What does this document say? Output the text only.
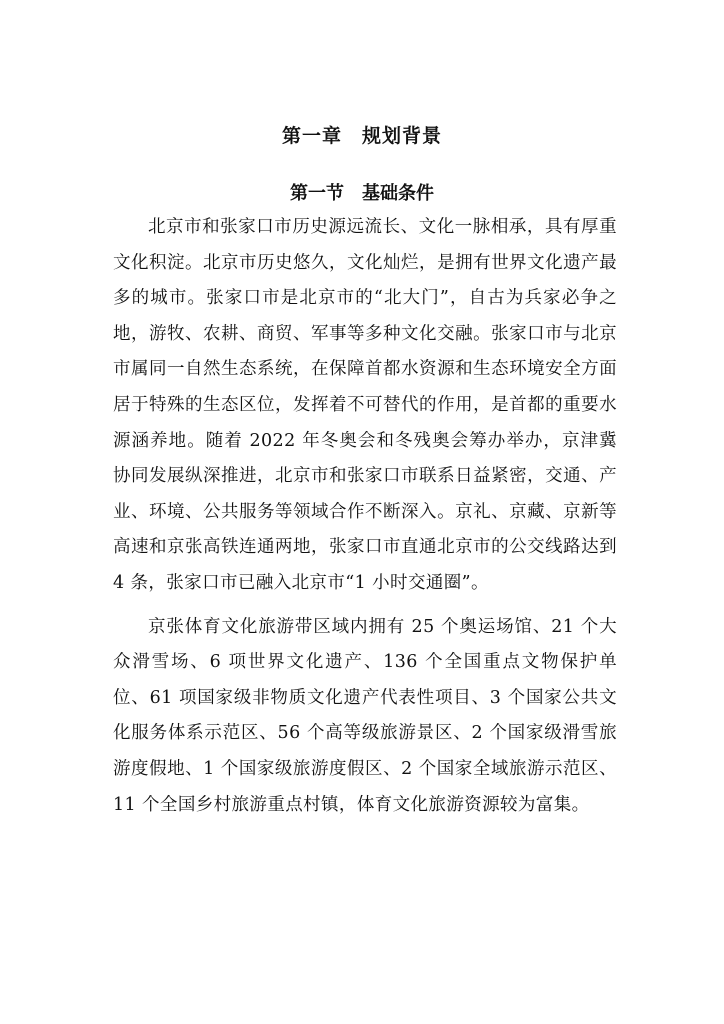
第一章　规划背景
第一节　基础条件

北京市和张家口市历史源远流长、文化一脉相承，具有厚重文化积淀。北京市历史悠久，文化灿烂，是拥有世界文化遗产最多的城市。张家口市是北京市的“北大门”，自古为兵家必争之地，游牧、农耕、商贸、军事等多种文化交融。张家口市与北京市属同一自然生态系统，在保障首都水资源和生态环境安全方面居于特殊的生态区位，发挥着不可替代的作用，是首都的重要水源涵养地。随着 2022 年冬奥会和冬残奥会筹办举办，京津冀协同发展纵深推进，北京市和张家口市联系日益紧密，交通、产业、环境、公共服务等领域合作不断深入。京礼、京藏、京新等高速和京张高铁连通两地，张家口市直通北京市的公交线路达到 4 条，张家口市已融入北京市“1 小时交通圈”。

京张体育文化旅游带区域内拥有 25 个奥运场馆、21 个大众滑雪场、6 项世界文化遗产、136 个全国重点文物保护单位、61 项国家级非物质文化遗产代表性项目、3 个国家公共文化服务体系示范区、56 个高等级旅游景区、2 个国家级滑雪旅游度假地、1 个国家级旅游度假区、2 个国家全域旅游示范区、11 个全国乡村旅游重点村镇，体育文化旅游资源较为富集。
